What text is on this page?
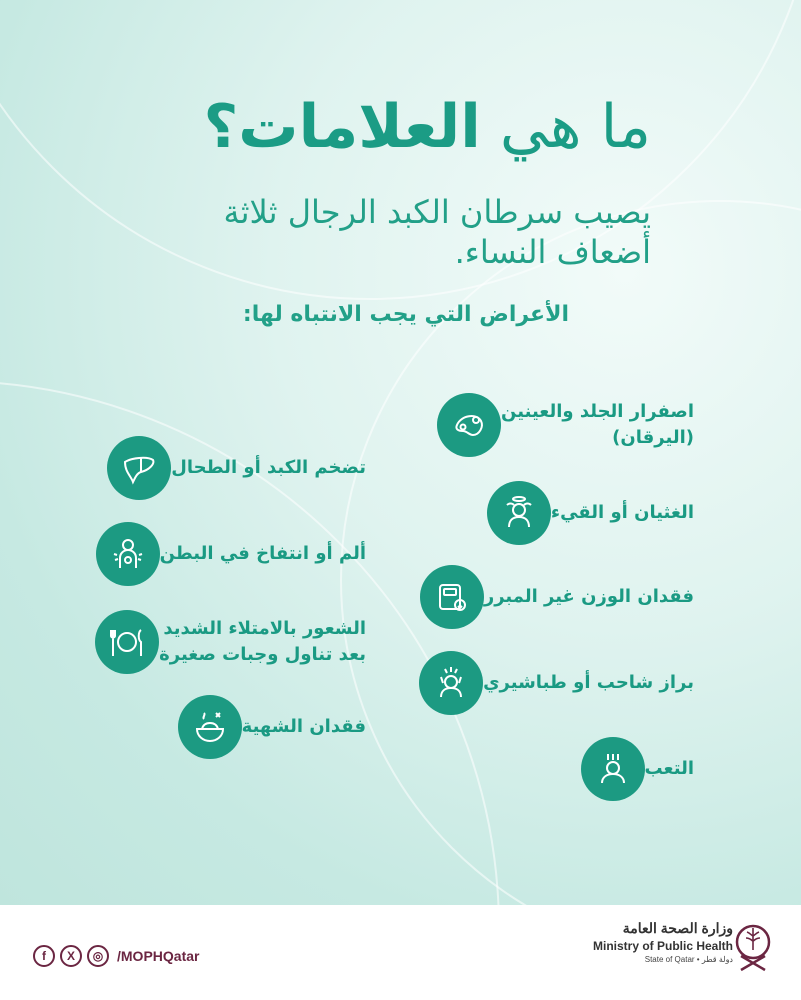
ما هي العلامات؟
يصيب سرطان الكبد الرجال ثلاثة أضعاف النساء.
الأعراض التي يجب الانتباه لها:
اصفرار الجلد والعينين
(اليرقان)
الغثيان أو القيء
فقدان الوزن غير المبرر
براز شاحب أو طباشيري
التعب
تضخم الكبد أو الطحال
ألم أو انتفاخ في البطن
الشعور بالامتلاء الشديد
بعد تناول وجبات صغيرة
فقدان الشهية
f	X	◎ /MOPHQatar
وزارة الصحة العامة
Ministry of Public Health
State of Qatar • دولة قطر
